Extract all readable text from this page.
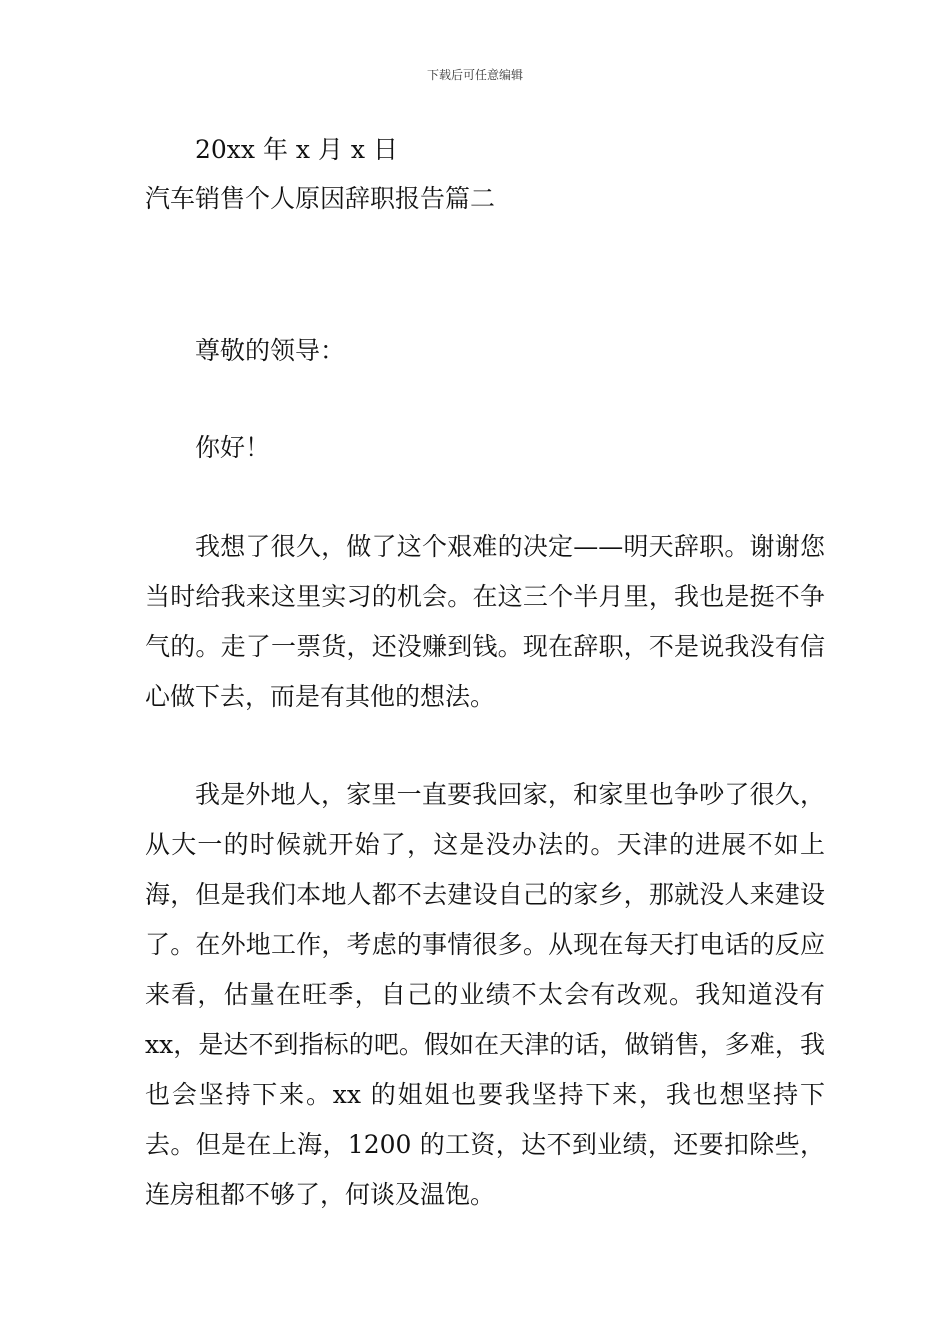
下载后可任意编辑
20xx 年 x 月 x 日
汽车销售个人原因辞职报告篇二
尊敬的领导：
你好！

我想了很久，做了这个艰难的决定——明天辞职。谢谢您当时给我来这里实习的机会。在这三个半月里，我也是挺不争气的。走了一票货，还没赚到钱。现在辞职，不是说我没有信心做下去，而是有其他的想法。

我是外地人，家里一直要我回家，和家里也争吵了很久，从大一的时候就开始了，这是没办法的。天津的进展不如上海，但是我们本地人都不去建设自己的家乡，那就没人来建设了。在外地工作，考虑的事情很多。从现在每天打电话的反应来看，估量在旺季，自己的业绩不太会有改观。我知道没有 xx，是达不到指标的吧。假如在天津的话，做销售，多难，我也会坚持下来。xx 的姐姐也要我坚持下来，我也想坚持下去。但是在上海，1200 的工资，达不到业绩，还要扣除些，连房租都不够了，何谈及温饱。
